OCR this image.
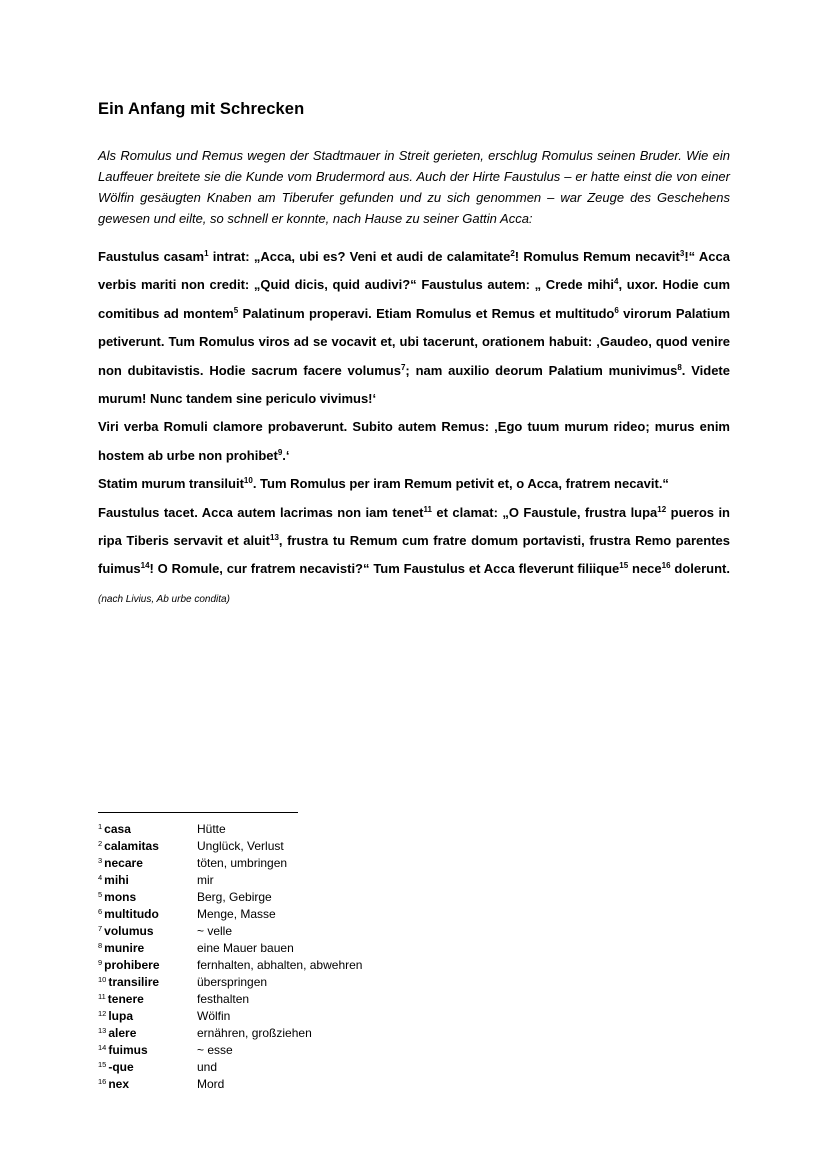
Ein Anfang mit Schrecken

Als Romulus und Remus wegen der Stadtmauer in Streit gerieten, erschlug Romulus seinen Bruder. Wie ein Lauffeuer breitete sie die Kunde vom Brudermord aus. Auch der Hirte Faustulus – er hatte einst die von einer Wölfin gesäugten Knaben am Tiberufer gefunden und zu sich genommen – war Zeuge des Geschehens gewesen und eilte, so schnell er konnte, nach Hause zu seiner Gattin Acca:

Faustulus casam$^1$ intrat: „Acca, ubi es? Veni et audi de calamitate$^2$! Romulus Remum necavit$^3$!“ Acca verbis mariti non credit: „Quid dicis, quid audivi?“ Faustulus autem: „ Crede mihi$^4$, uxor. Hodie cum comitibus ad montem$^5$ Palatinum properavi. Etiam Romulus et Remus et multitudo$^6$ virorum Palatium petiverunt. Tum Romulus viros ad se vocavit et, ubi tacerunt, orationem habuit: ‚Gaudeo, quod venire non dubitavistis. Hodie sacrum facere volumus$^7$; nam auxilio deorum Palatium munivimus$^8$. Videte murum! Nunc tandem sine periculo vivimus!‘

Viri verba Romuli clamore probaverunt. Subito autem Remus: ‚Ego tuum murum rideo; murus enim hostem ab urbe non prohibet$^9$.‘

Statim murum transiluit$^{10}$. Tum Romulus per iram Remum petivit et, o Acca, fratrem necavit.“

Faustulus tacet. Acca autem lacrimas non iam tenet$^{11}$ et clamat: „O Faustule, frustra lupa$^{12}$ pueros in ripa Tiberis servavit et aluit$^{13}$, frustra tu Remum cum fratre domum portavisti, frustra Remo parentes fuimus$^{14}$! O Romule, cur fratrem necavisti?“ Tum Faustulus et Acca fleverunt filiique$^{15}$ nece$^{16}$ dolerunt. (nach Livius, Ab urbe condita)

$^1$ casa	Hütte
$^2$ calamitas	Unglück, Verlust
$^3$ necare	töten, umbringen
$^4$ mihi	mir
$^5$ mons	Berg, Gebirge
$^6$ multitudo	Menge, Masse
$^7$ volumus	~ velle
$^8$ munire	eine Mauer bauen
$^9$ prohibere	fernhalten, abhalten, abwehren
$^{10}$ transilire	überspringen
$^{11}$ tenere	festhalten
$^{12}$ lupa	Wölfin
$^{13}$ alere	ernähren, großziehen
$^{14}$ fuimus	~ esse
$^{15}$ -que	und
$^{16}$ nex	Mord
